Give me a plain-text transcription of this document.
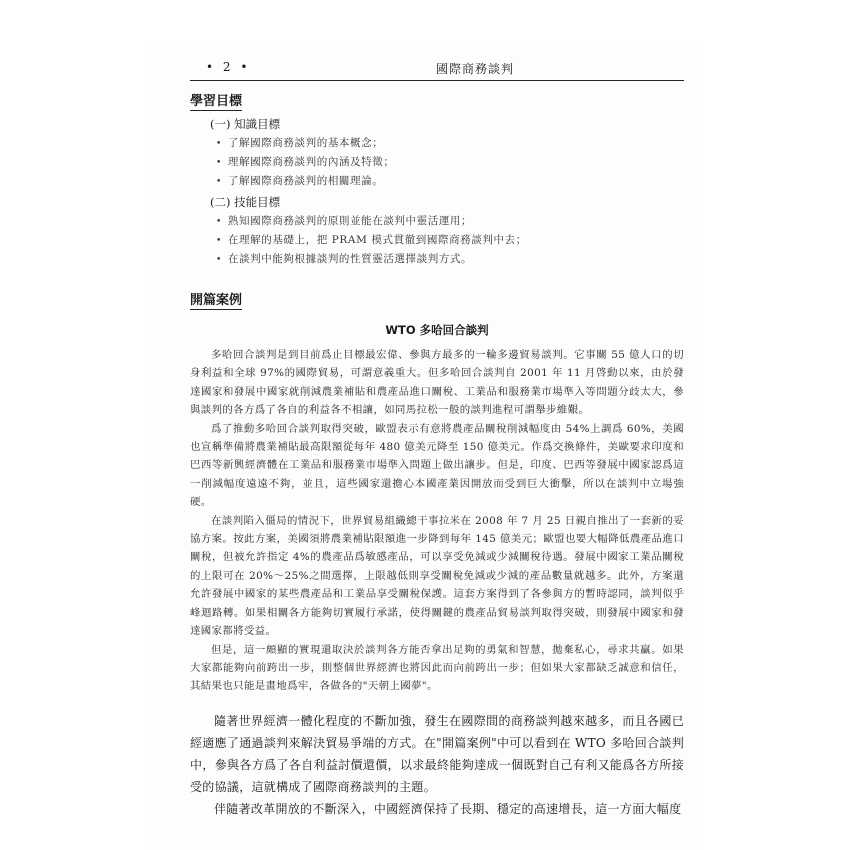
• 2 •	國際商務談判
學習目標
(一) 知識目標
• 了解國際商務談判的基本概念；
• 理解國際商務談判的內涵及特徵；
• 了解國際商務談判的相關理論。
(二) 技能目標
• 熟知國際商務談判的原則並能在談判中靈活運用；
• 在理解的基礎上，把 PRAM 模式貫徹到國際商務談判中去；
• 在談判中能夠根據談判的性質靈活選擇談判方式。
開篇案例
WTO 多哈回合談判

多哈回合談判是到目前爲止目標最宏偉、參與方最多的一輪多邊貿易談判。它事關 55 億人口的切身利益和全球 97%的國際貿易，可謂意義重大。但多哈回合談判自 2001 年 11 月啓動以來，由於發達國家和發展中國家就削減農業補貼和農產品進口關稅、工業品和服務業市場準入等問題分歧太大，參與談判的各方爲了各自的利益各不相讓，如同馬拉松一般的談判進程可謂舉步維艱。

爲了推動多哈回合談判取得突破，歐盟表示有意將農產品關稅削減幅度由 54%上調爲 60%，美國也宣稱準備將農業補貼最高限額從每年 480 億美元降至 150 億美元。作爲交換條件，美歐要求印度和巴西等新興經濟體在工業品和服務業市場準入問題上做出讓步。但是，印度、巴西等發展中國家認爲這一削減幅度遠遠不夠，並且，這些國家還擔心本國產業因開放而受到巨大衝擊，所以在談判中立場強硬。

在談判陷入僵局的情況下，世界貿易組織總干事拉米在 2008 年 7 月 25 日親自推出了一套新的妥協方案。按此方案，美國須將農業補貼限額進一步降到每年 145 億美元；歐盟也要大幅降低農產品進口關稅，但被允許指定 4%的農產品爲敏感產品，可以享受免減或少減關稅待遇。發展中國家工業品關稅的上限可在 20%～25%之間選擇，上限越低則享受關稅免減或少減的產品數量就越多。此外，方案還允許發展中國家的某些農產品和工業品享受關稅保護。這套方案得到了各參與方的暫時認同，談判似乎峰迴路轉。如果相關各方能夠切實履行承諾，使得關鍵的農產品貿易談判取得突破，則發展中國家和發達國家都將受益。

但是，這一頗顯的實現還取決於談判各方能否拿出足夠的勇氣和智慧，拋棄私心，尋求共贏。如果大家都能夠向前跨出一步，則整個世界經濟也將因此而向前跨出一步；但如果大家都缺乏誠意和信任，其結果也只能是畫地爲牢，各做各的"天朝上國夢"。

隨著世界經濟一體化程度的不斷加強，發生在國際間的商務談判越來越多，而且各國已經適應了通過談判來解決貿易爭端的方式。在"開篇案例"中可以看到在 WTO 多哈回合談判中，參與各方爲了各自利益討價還價，以求最終能夠達成一個既對自己有利又能爲各方所接受的協議，這就構成了國際商務談判的主題。

伴隨著改革開放的不斷深入，中國經濟保持了長期、穩定的高速增長，這一方面大幅度
